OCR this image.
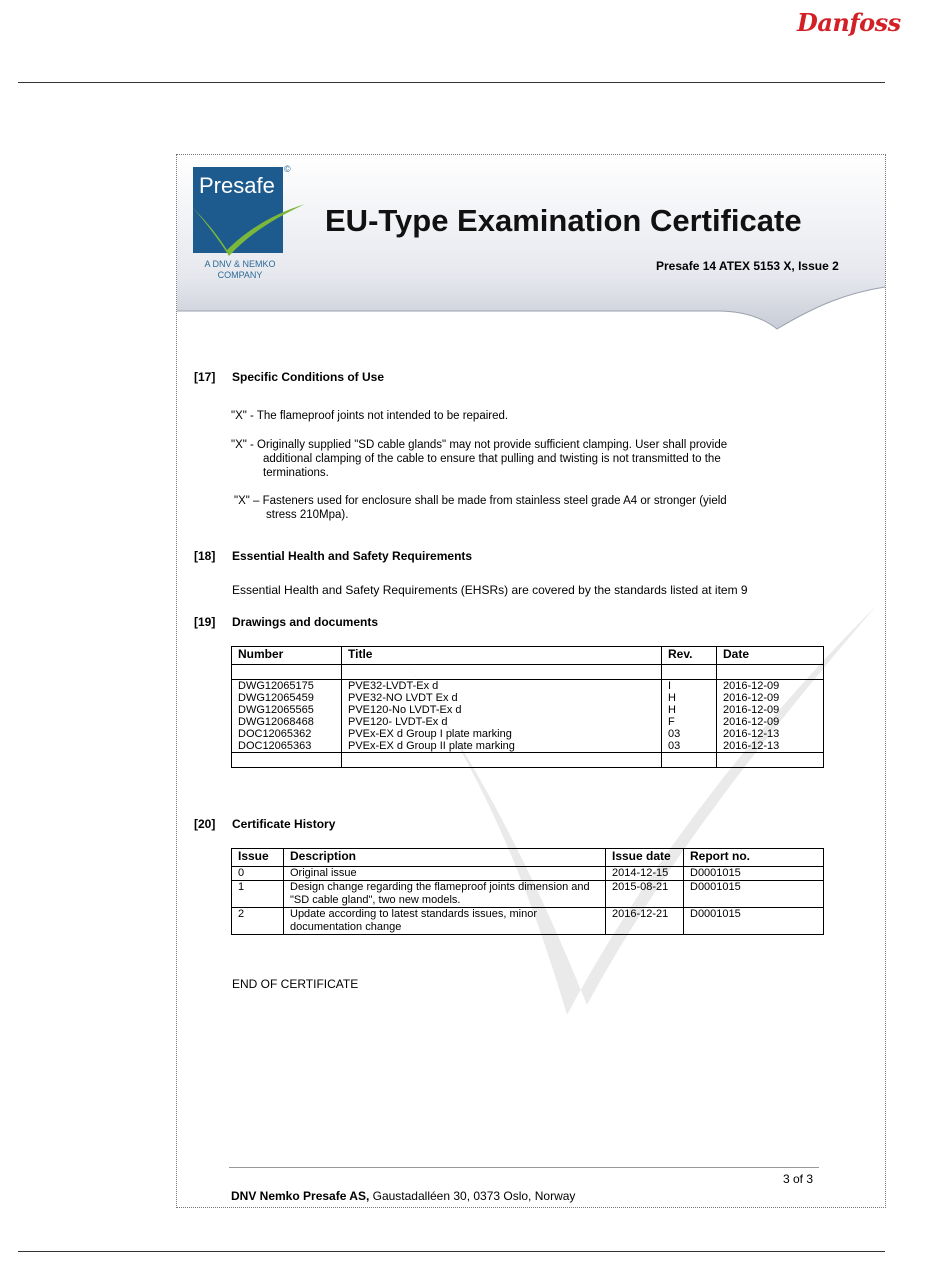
Danfoss
Presafe
©
A DNV & NEMKO COMPANY
EU-Type Examination Certificate
Presafe 14 ATEX 5153 X, Issue 2
[17] Specific Conditions of Use
"X" - The flameproof joints not intended to be repaired.
"X" - Originally supplied "SD cable glands" may not provide sufficient clamping. User shall provide
additional clamping of the cable to ensure that pulling and twisting is not transmitted to the terminations.
"X" – Fasteners used for enclosure shall be made from stainless steel grade A4 or stronger (yield
stress 210Mpa).
[18] Essential Health and Safety Requirements
Essential Health and Safety Requirements (EHSRs) are covered by the standards listed at item 9
[19] Drawings and documents
Number	Title	Rev.	Date

DWG12065175	PVE32-LVDT-Ex d	I	2016-12-09
DWG12065459	PVE32-NO LVDT Ex d	H	2016-12-09
DWG12065565	PVE120-No LVDT-Ex d	H	2016-12-09
DWG12068468	PVE120- LVDT-Ex d	F	2016-12-09
DOC12065362	PVEx-EX d Group I plate marking	03	2016-12-13
DOC12065363	PVEx-EX d Group II plate marking	03	2016-12-13

[20] Certificate History
Issue	Description	Issue date	Report no.
0	Original issue	2014-12-15	D0001015
1	Design change regarding the flameproof joints dimension and "SD cable gland", two new models.	2015-08-21	D0001015
2	Update according to latest standards issues, minor documentation change	2016-12-21	D0001015
END OF CERTIFICATE
3 of 3
DNV Nemko Presafe AS, Gaustadalléen 30, 0373 Oslo, Norway
